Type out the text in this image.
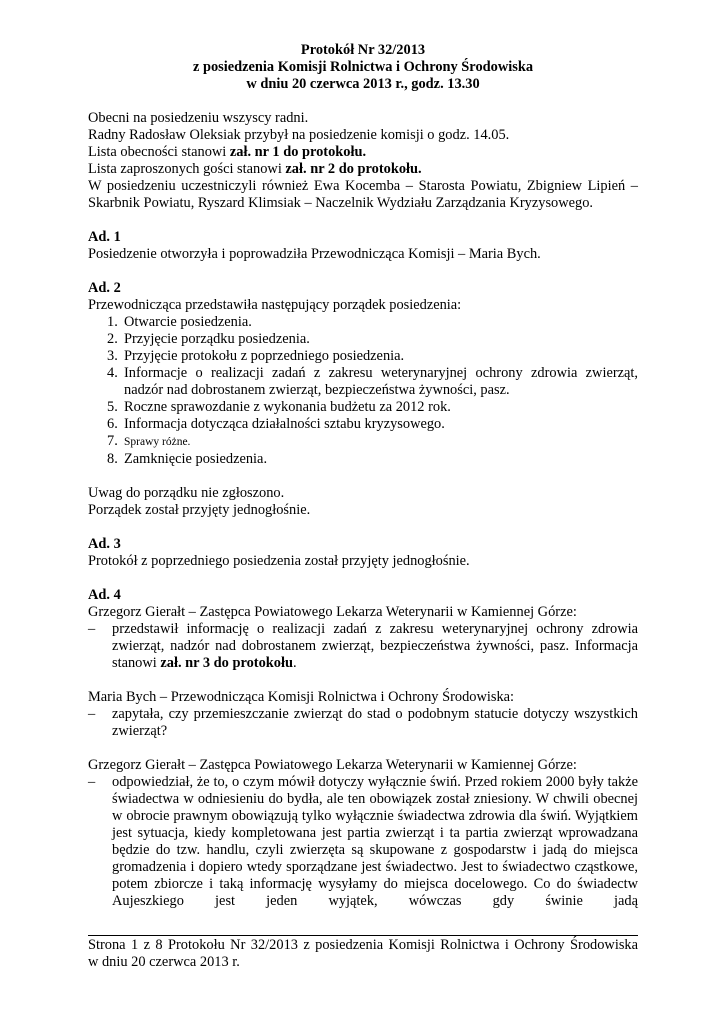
Protokół Nr 32/2013
z posiedzenia Komisji Rolnictwa i Ochrony Środowiska
w dniu 20 czerwca 2013 r., godz. 13.30

Obecni na posiedzeniu wszyscy radni.

Radny Radosław Oleksiak przybył na posiedzenie komisji o godz. 14.05.

Lista obecności stanowi zał. nr 1 do protokołu.

Lista zaproszonych gości stanowi zał. nr 2 do protokołu.

W posiedzeniu uczestniczyli również Ewa Kocemba – Starosta Powiatu, Zbigniew Lipień – Skarbnik Powiatu, Ryszard Klimsiak – Naczelnik Wydziału Zarządzania Kryzysowego.

Ad. 1

Posiedzenie otworzyła i poprowadziła Przewodnicząca Komisji – Maria Bych.

Ad. 2

Przewodnicząca przedstawiła następujący porządek posiedzenia:

1. Otwarcie posiedzenia.
2. Przyjęcie porządku posiedzenia.
3. Przyjęcie protokołu z poprzedniego posiedzenia.
4. Informacje o realizacji zadań z zakresu weterynaryjnej ochrony zdrowia zwierząt, nadzór nad dobrostanem zwierząt, bezpieczeństwa żywności, pasz.
5. Roczne sprawozdanie z wykonania budżetu za 2012 rok.
6. Informacja dotycząca działalności sztabu kryzysowego.
7. Sprawy różne.
8. Zamknięcie posiedzenia.

Uwag do porządku nie zgłoszono.

Porządek został przyjęty jednogłośnie.

Ad. 3

Protokół z poprzedniego posiedzenia został przyjęty jednogłośnie.

Ad. 4

Grzegorz Gierałt – Zastępca Powiatowego Lekarza Weterynarii w Kamiennej Górze:

– przedstawił informację o realizacji zadań z zakresu weterynaryjnej ochrony zdrowia zwierząt, nadzór nad dobrostanem zwierząt, bezpieczeństwa żywności, pasz. Informacja stanowi zał. nr 3 do protokołu.

Maria Bych – Przewodnicząca Komisji Rolnictwa i Ochrony Środowiska:

– zapytała, czy przemieszczanie zwierząt do stad o podobnym statucie dotyczy wszystkich zwierząt?

Grzegorz Gierałt – Zastępca Powiatowego Lekarza Weterynarii w Kamiennej Górze:

– odpowiedział, że to, o czym mówił dotyczy wyłącznie świń. Przed rokiem 2000 były także świadectwa w odniesieniu do bydła, ale ten obowiązek został zniesiony. W chwili obecnej w obrocie prawnym obowiązują tylko wyłącznie świadectwa zdrowia dla świń. Wyjątkiem jest sytuacja, kiedy kompletowana jest partia zwierząt i ta partia zwierząt wprowadzana będzie do tzw. handlu, czyli zwierzęta są skupowane z gospodarstw i jadą do miejsca gromadzenia i dopiero wtedy sporządzane jest świadectwo. Jest to świadectwo cząstkowe, potem zbiorcze i taką informację wysyłamy do miejsca docelowego. Co do świadectw Aujeszkiego jest jeden wyjątek, wówczas gdy świnie jadą
Strona 1 z 8 Protokołu Nr 32/2013 z posiedzenia Komisji Rolnictwa i Ochrony Środowiska
w dniu 20 czerwca 2013 r.
